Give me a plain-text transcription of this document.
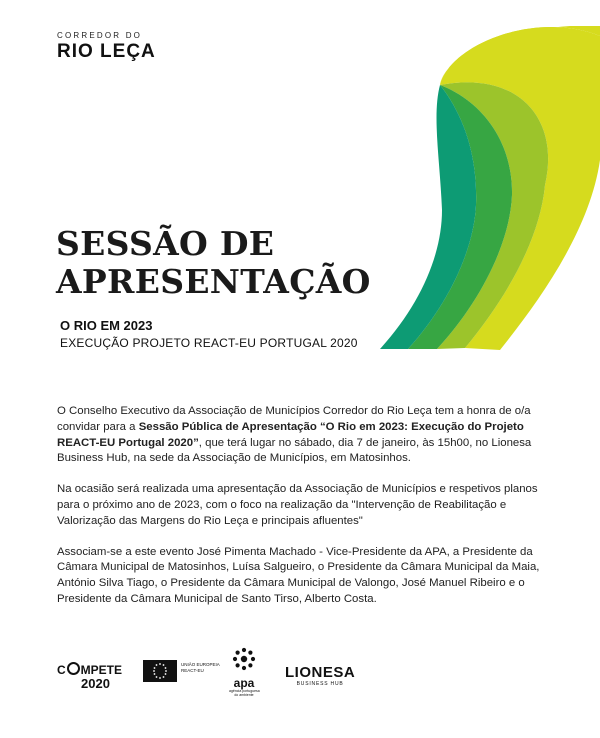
CORREDOR DO
RIO LEÇA
SESSÃO DE
APRESENTAÇÃO
O RIO EM 2023
EXECUÇÃO PROJETO REACT-EU PORTUGAL 2020

O Conselho Executivo da Associação de Municípios Corredor do Rio Leça tem a honra de o/a convidar para a Sessão Pública de Apresentação “O Rio em 2023: Execução do Projeto REACT-EU Portugal 2020”, que terá lugar no sábado, dia 7 de janeiro, às 15h00, no Lionesa Business Hub, na sede da Associação de Municípios, em Matosinhos.

Na ocasião será realizada uma apresentação da Associação de Municípios e respetivos planos para o próximo ano de 2023, com o foco na realização da "Intervenção de Reabilitação e Valorização das Margens do Rio Leça e principais afluentes"

Associam-se a este evento José Pimenta Machado - Vice-Presidente da APA, a Presidente da Câmara Municipal de Matosinhos, Luísa Salgueiro, o Presidente da Câmara Municipal da Maia, António Silva Tiago, o Presidente da Câmara Municipal de Valongo, José Manuel Ribeiro e o Presidente da Câmara Municipal de Santo Tirso, Alberto Costa.

C MPETE
2020
UNIÃO EUROPEIA
REACT-EU
apa
agência portuguesa
do ambiente
LIONESA
BUSINESS HUB
